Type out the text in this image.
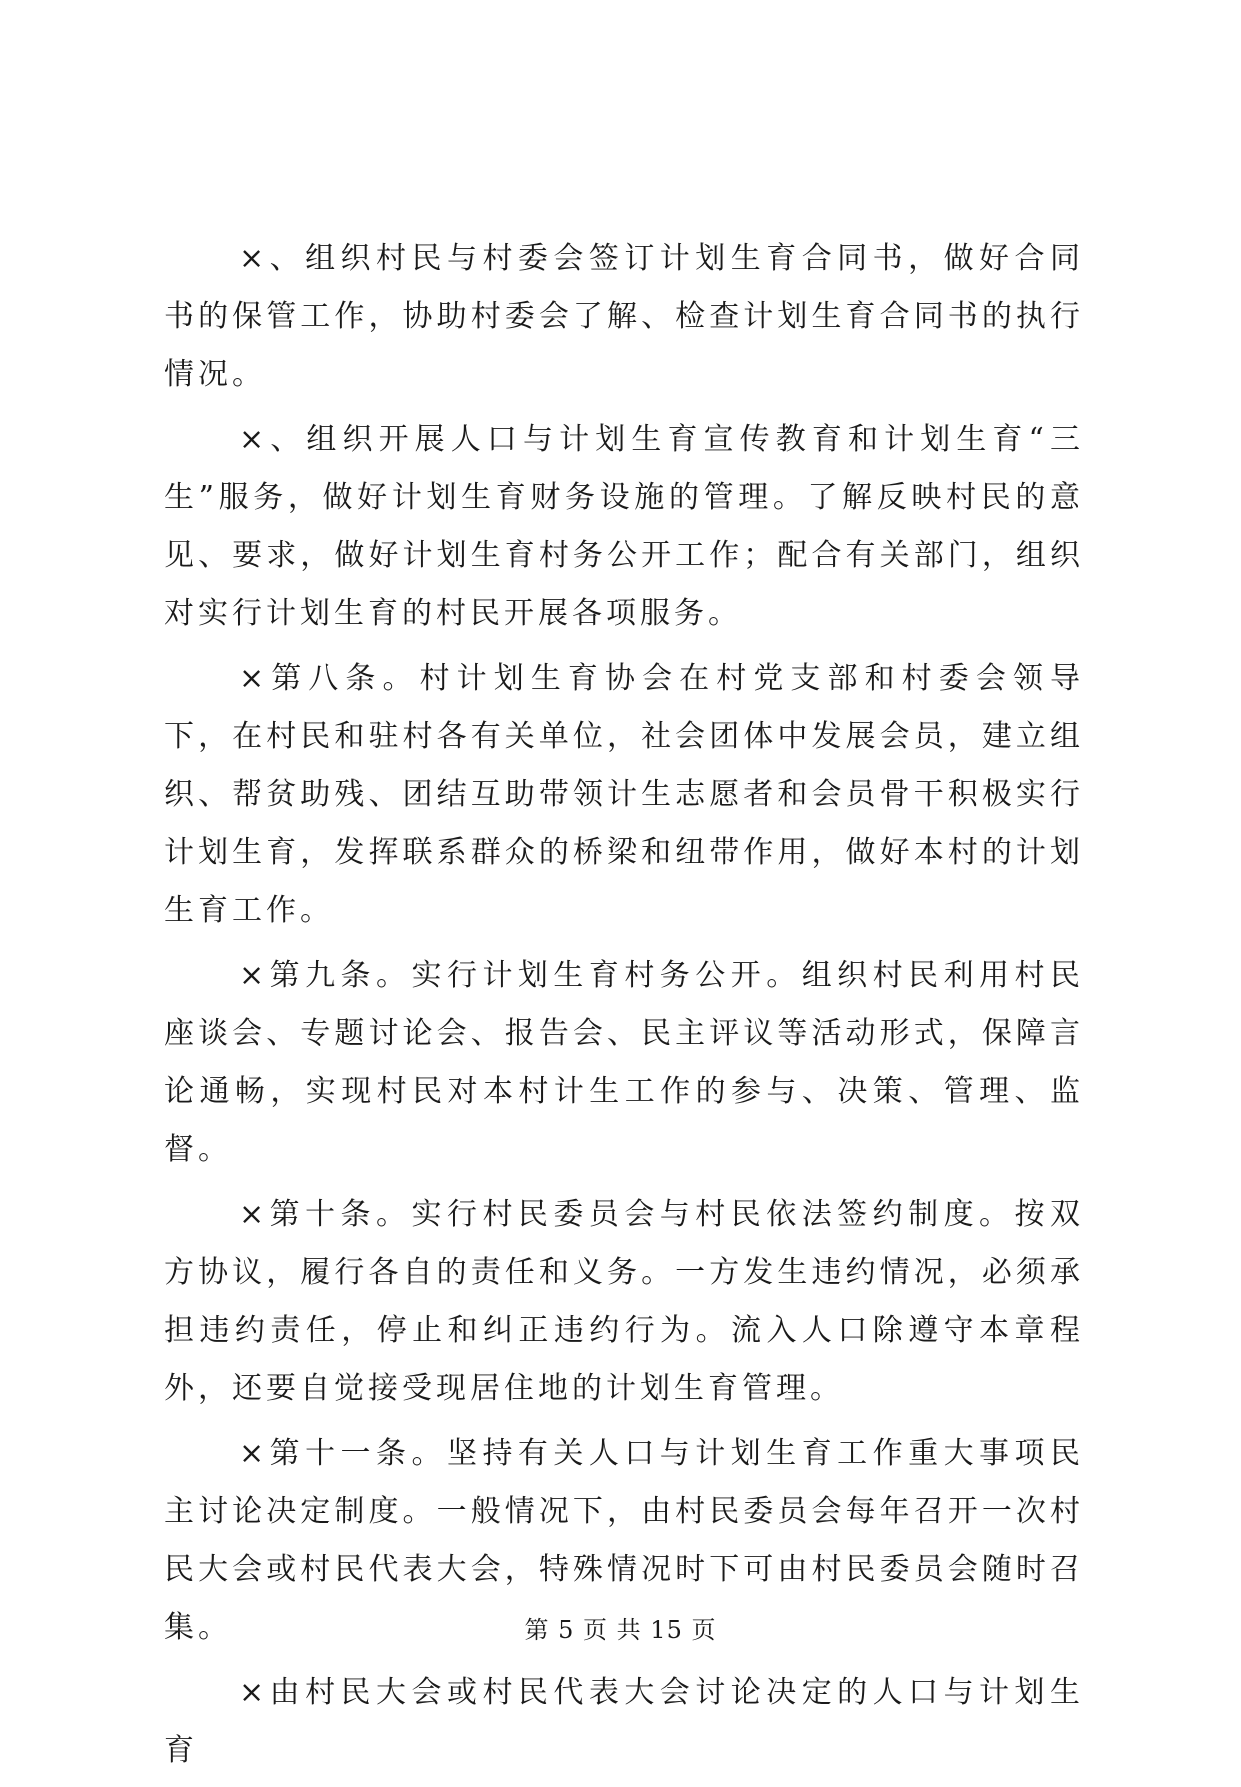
×、组织村民与村委会签订计划生育合同书，做好合同书的保管工作，协助村委会了解、检查计划生育合同书的执行情况。

×、组织开展人口与计划生育宣传教育和计划生育“三生”服务，做好计划生育财务设施的管理。了解反映村民的意见、要求，做好计划生育村务公开工作；配合有关部门，组织对实行计划生育的村民开展各项服务。

×第八条。村计划生育协会在村党支部和村委会领导下，在村民和驻村各有关单位，社会团体中发展会员，建立组织、帮贫助残、团结互助带领计生志愿者和会员骨干积极实行计划生育，发挥联系群众的桥梁和纽带作用，做好本村的计划生育工作。

×第九条。实行计划生育村务公开。组织村民利用村民座谈会、专题讨论会、报告会、民主评议等活动形式，保障言论通畅，实现村民对本村计生工作的参与、决策、管理、监督。

×第十条。实行村民委员会与村民依法签约制度。按双方协议，履行各自的责任和义务。一方发生违约情况，必须承担违约责任，停止和纠正违约行为。流入人口除遵守本章程外，还要自觉接受现居住地的计划生育管理。

×第十一条。坚持有关人口与计划生育工作重大事项民主讨论决定制度。一般情况下，由村民委员会每年召开一次村民大会或村民代表大会，特殊情况时下可由村民委员会随时召集。

×由村民大会或村民代表大会讨论决定的人口与计划生育

第 5 页 共 15 页
